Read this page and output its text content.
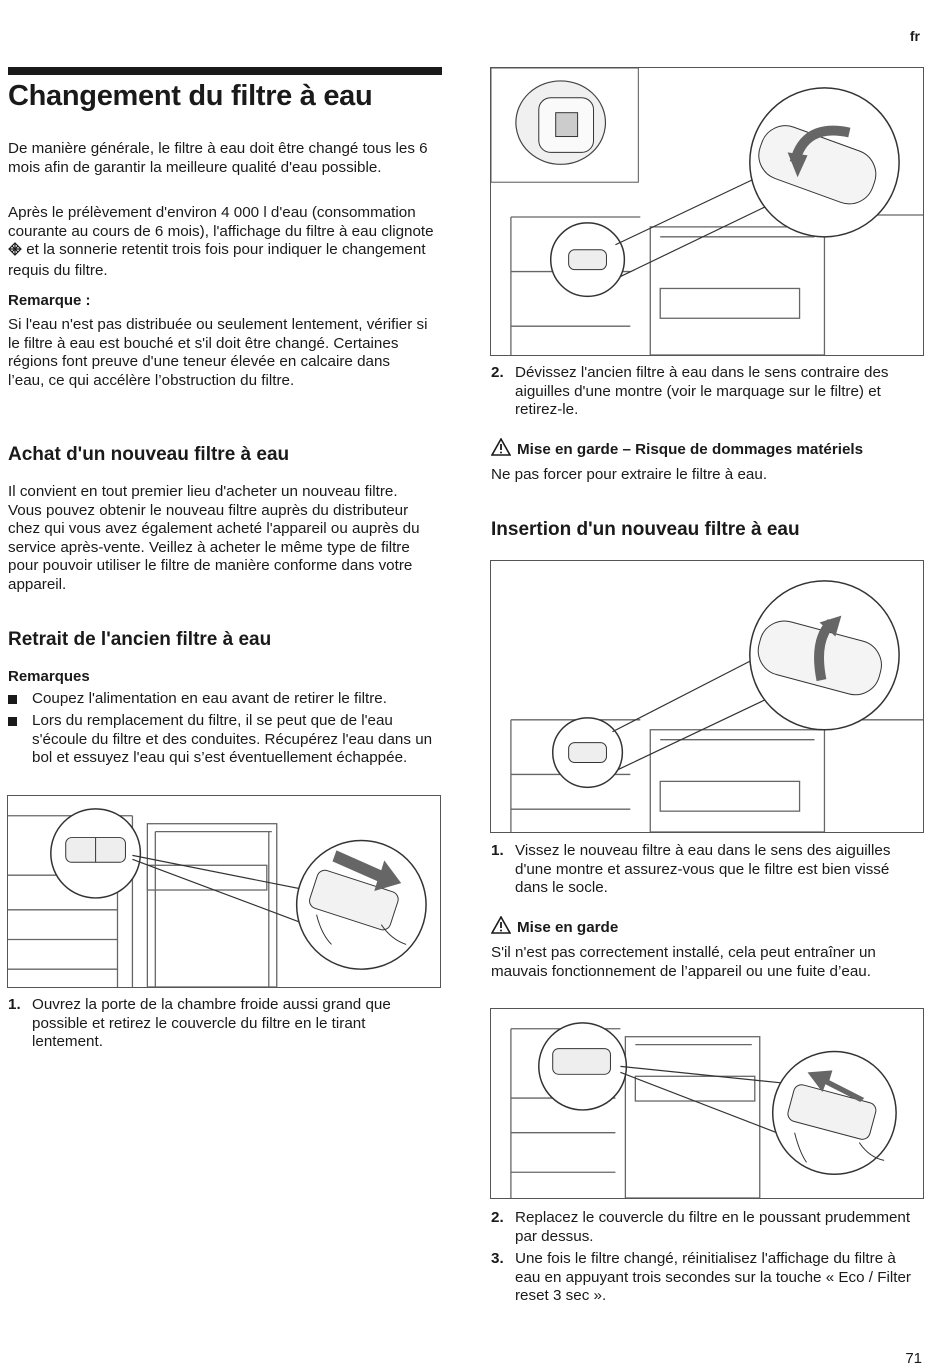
fr
Changement du filtre à eau

De manière générale, le filtre à eau doit être changé tous les 6 mois afin de garantir la meilleure qualité d'eau possible.

Après le prélèvement d'environ 4 000 l d'eau (consommation courante au cours de 6 mois), l'affichage du filtre à eau clignote  et la sonnerie retentit trois fois pour indiquer le changement requis du filtre.

Remarque :

Si l'eau n'est pas distribuée ou seulement lentement, vérifier si le filtre à eau est bouché et s'il doit être changé. Certaines régions font preuve d'une teneur élevée en calcaire dans l’eau, ce qui accélère l’obstruction du filtre.

Achat d'un nouveau filtre à eau

Il convient en tout premier lieu d'acheter un nouveau filtre. Vous pouvez obtenir le nouveau filtre auprès du distributeur chez qui vous avez également acheté l'appareil ou auprès du service après-vente. Veillez à acheter le même type de filtre pour pouvoir utiliser le filtre de manière conforme dans votre appareil.

Retrait de l'ancien filtre à eau
Remarques
Coupez l'alimentation en eau avant de retirer le filtre.
Lors du remplacement du filtre, il se peut que de l'eau s'écoule du filtre et des conduites. Récupérez l'eau dans un bol et essuyez l'eau qui s’est éventuellement échappée.
1. Ouvrez la porte de la chambre froide aussi grand que possible et retirez le couvercle du filtre en le tirant lentement.
2. Dévissez l'ancien filtre à eau dans le sens contraire des aiguilles d'une montre (voir le marquage sur le filtre) et retirez-le.
Mise en garde – Risque de dommages matériels

Ne pas forcer pour extraire le filtre à eau.

Insertion d'un nouveau filtre à eau
1. Vissez le nouveau filtre à eau dans le sens des aiguilles d'une montre et assurez-vous que le filtre est bien vissé dans le socle.
Mise en garde

S'il n'est pas correctement installé, cela peut entraîner un mauvais fonctionnement de l’appareil ou une fuite d’eau.

2. Replacez le couvercle du filtre en le poussant prudemment par dessus.
3. Une fois le filtre changé, réinitialisez l'affichage du filtre à eau en appuyant trois secondes sur la touche « Eco / Filter reset 3 sec ».
71
